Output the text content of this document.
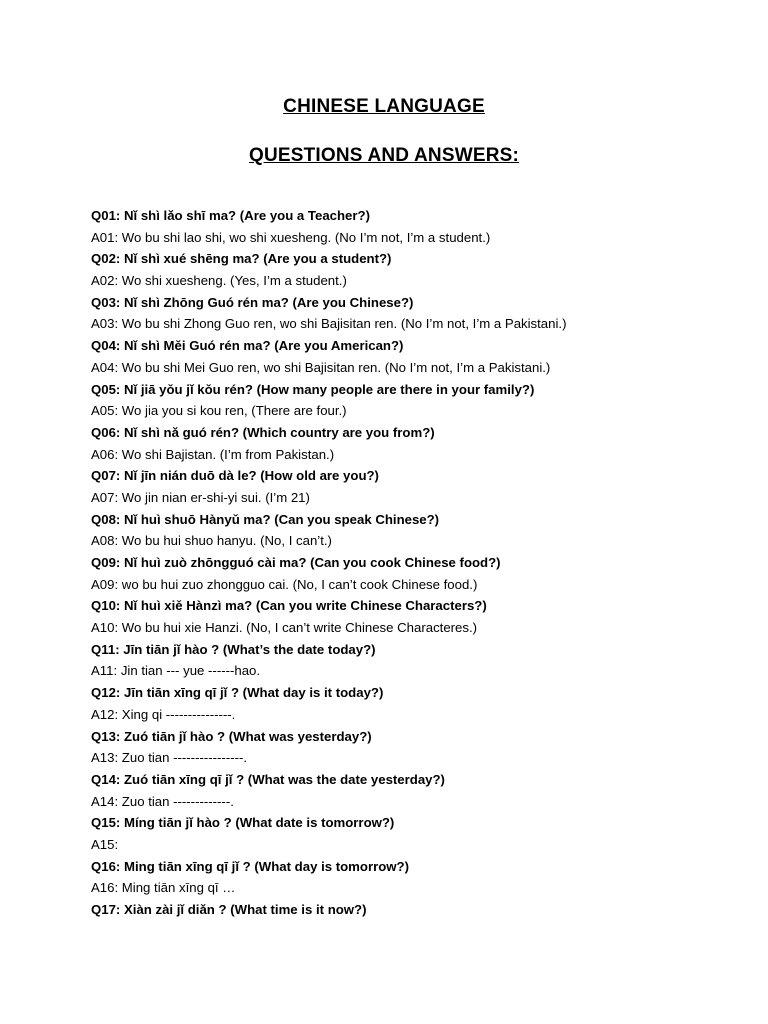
CHINESE LANGUAGE
QUESTIONS AND ANSWERS:
Q01: Nǐ shì lǎo shī ma? (Are you a Teacher?)
A01: Wo bu shi lao shi, wo shi xuesheng. (No I’m not, I’m a student.)
Q02: Nǐ shì xué shēng ma? (Are you a student?)
A02: Wo shi xuesheng. (Yes, I’m a student.)
Q03: Nǐ shì Zhōng Guó rén ma? (Are you Chinese?)
A03: Wo bu shi Zhong Guo ren, wo shi Bajisitan ren. (No I’m not, I’m a Pakistani.)
Q04: Nǐ shì Měi Guó rén ma? (Are you American?)
A04: Wo bu shi Mei Guo ren, wo shi Bajisitan ren. (No I’m not, I’m a Pakistani.)
Q05: Nǐ jiā yǒu jǐ kǒu rén? (How many people are there in your family?)
A05: Wo jia you si kou ren, (There are four.)
Q06: Nǐ shì nǎ guó rén? (Which country are you from?)
A06: Wo shi Bajistan. (I’m from Pakistan.)
Q07: Nǐ jīn nián duō dà le? (How old are you?)
A07: Wo jin nian er-shi-yi sui. (I’m 21)
Q08: Nǐ huì shuō Hànyǔ ma? (Can you speak Chinese?)
A08: Wo bu hui shuo hanyu. (No, I can’t.)
Q09: Nǐ huì zuò zhōngguó cài ma? (Can you cook Chinese food?)
A09: wo bu hui zuo zhongguo cai. (No, I can’t cook Chinese food.)
Q10: Nǐ huì xiě Hànzì ma? (Can you write Chinese Characters?)
A10: Wo bu hui xie Hanzi. (No, I can’t write Chinese Characteres.)
Q11: Jīn tiān jǐ hào ? (What’s the date today?)
A11: Jin tian --- yue ------hao.
Q12: Jīn tiān xīng qī jǐ ? (What day is it today?)
A12: Xing qi ---------------.
Q13: Zuó tiān jǐ hào ? (What was yesterday?)
A13: Zuo tian ----------------.
Q14: Zuó tiān xīng qī jǐ ? (What was the date yesterday?)
A14: Zuo tian -------------.
Q15: Míng tiān jǐ hào ? (What date is tomorrow?)
A15:
Q16: Ming tiān xīng qī jǐ ? (What day is tomorrow?)
A16: Ming tiān xīng qī …
Q17: Xiàn zài jǐ diǎn ? (What time is it now?)
